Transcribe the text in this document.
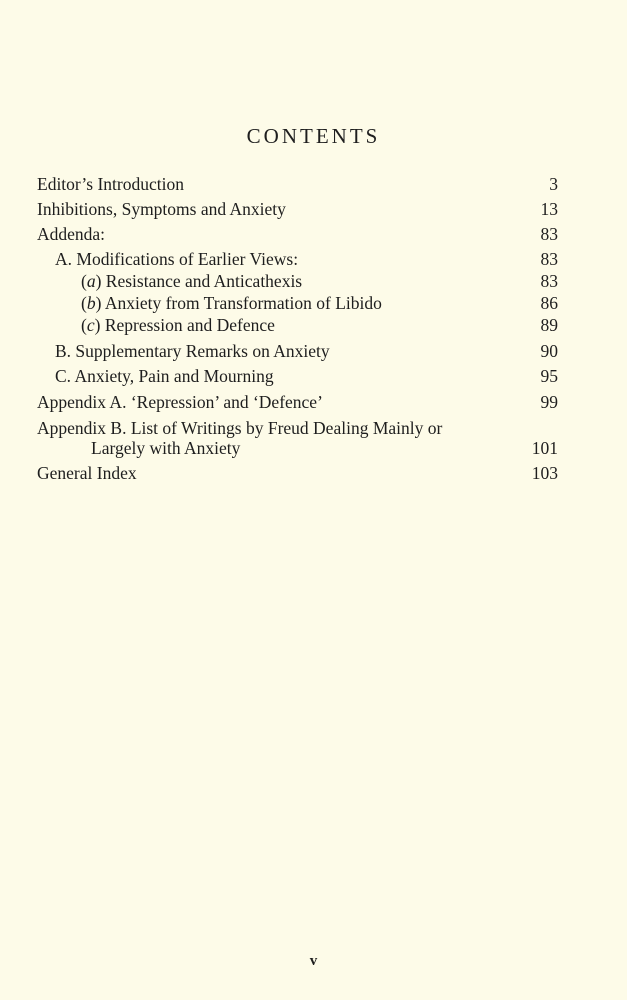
CONTENTS
Editor’s Introduction	3
Inhibitions, Symptoms and Anxiety	13
Addenda:	83
A. Modifications of Earlier Views:	83
(a) Resistance and Anticathexis	83
(b) Anxiety from Transformation of Libido	86
(c) Repression and Defence	89
B. Supplementary Remarks on Anxiety	90
C. Anxiety, Pain and Mourning	95
Appendix A. ‘Repression’ and ‘Defence’	99
Appendix B. List of Writings by Freud Dealing Mainly or
Largely with Anxiety	101
General Index	103
v
